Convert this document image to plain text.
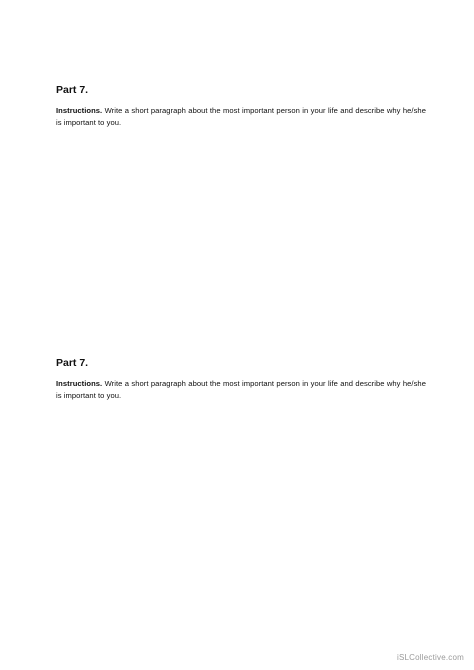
Part 7.

Instructions. Write a short paragraph about the most important person in your life and describe why he/she is important to you.

Part 7.

Instructions. Write a short paragraph about the most important person in your life and describe why he/she is important to you.

iSLCollective.com
